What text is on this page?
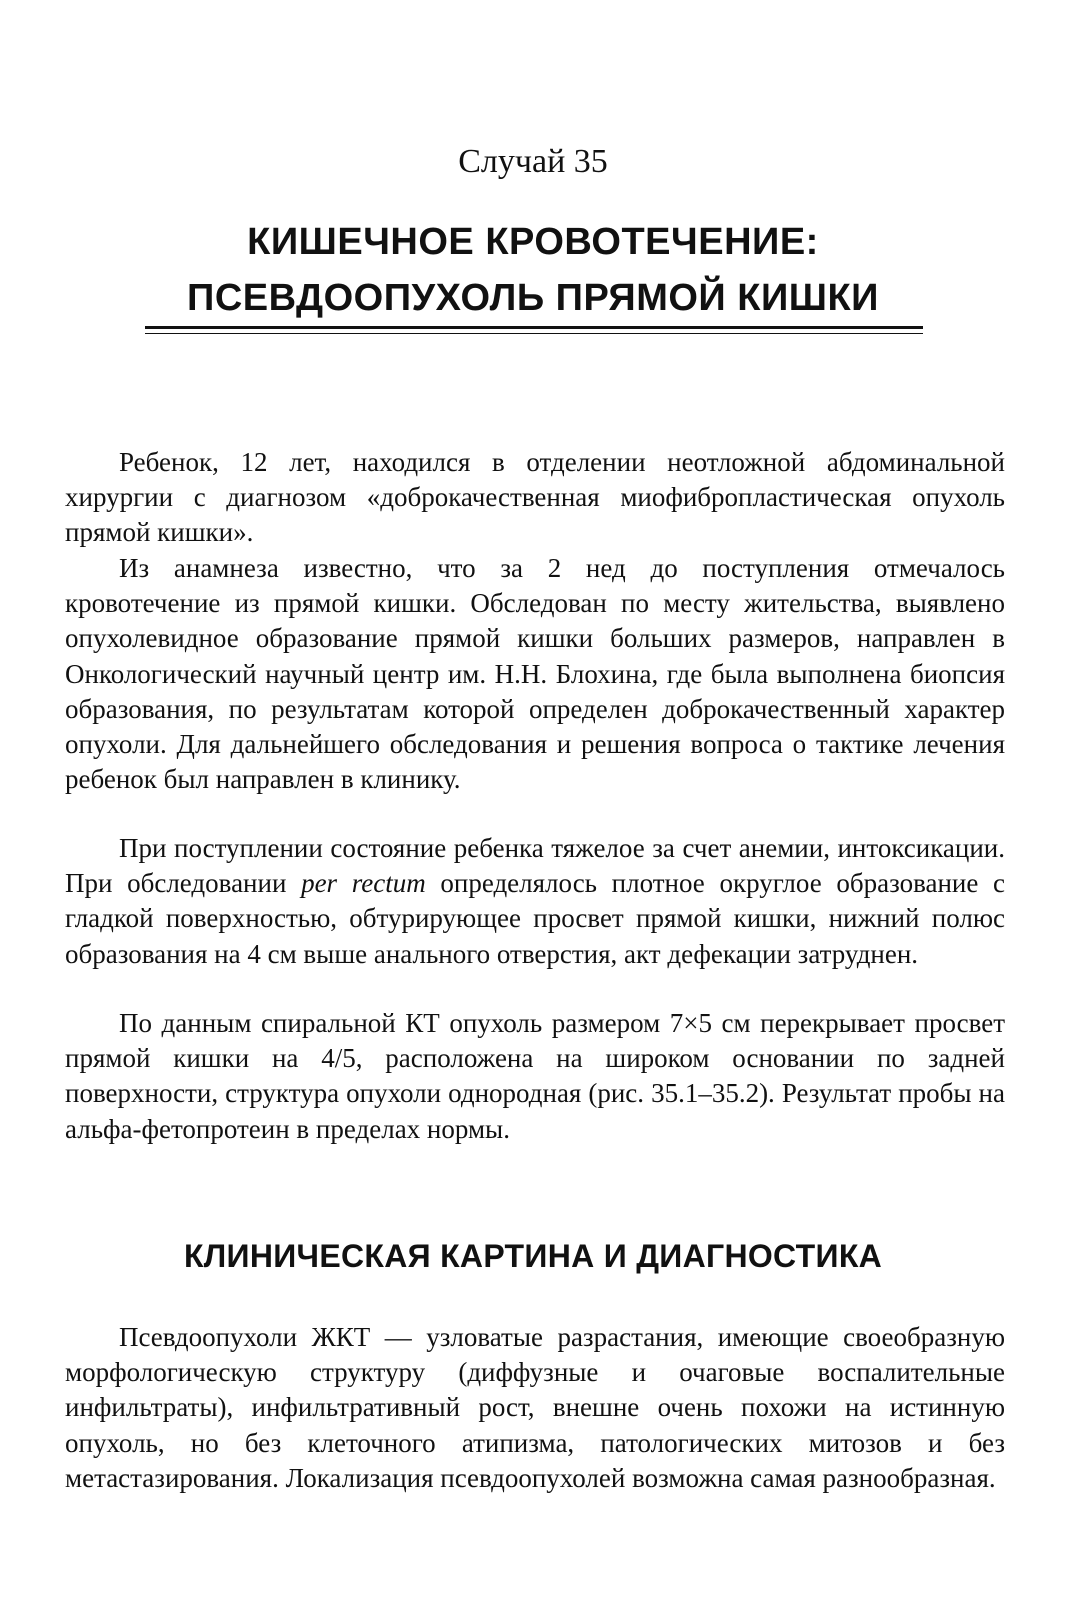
Случай 35
КИШЕЧНОЕ КРОВОТЕЧЕНИЕ:
ПСЕВДООПУХОЛЬ ПРЯМОЙ КИШКИ

Ребенок, 12 лет, находился в отделении неотложной абдоминальной хирургии с диагнозом «доброкачественная миофибропластическая опухоль прямой кишки».

Из анамнеза известно, что за 2 нед до поступления отмечалось кровотечение из прямой кишки. Обследован по месту жительства, выявлено опухолевидное образование прямой кишки больших размеров, направлен в Онкологический научный центр им. Н.Н. Блохина, где была выполнена биопсия образования, по результатам которой определен доброкачественный характер опухоли. Для дальнейшего обследования и решения вопроса о тактике лечения ребенок был направлен в клинику.

При поступлении состояние ребенка тяжелое за счет анемии, интоксикации. При обследовании per rectum определялось плотное округлое образование с гладкой поверхностью, обтурирующее просвет прямой кишки, нижний полюс образования на 4 см выше анального отверстия, акт дефекации затруднен.

По данным спиральной КТ опухоль размером 7×5 см перекрывает просвет прямой кишки на 4/5, расположена на широком основании по задней поверхности, структура опухоли однородная (рис. 35.1–35.2). Результат пробы на альфа-фетопротеин в пределах нормы.

КЛИНИЧЕСКАЯ КАРТИНА И ДИАГНОСТИКА

Псевдоопухоли ЖКТ — узловатые разрастания, имеющие своеобразную морфологическую структуру (диффузные и очаговые воспалительные инфильтраты), инфильтративный рост, внешне очень похожи на истинную опухоль, но без клеточного атипизма, патологических митозов и без метастазирования. Локализация псевдоопухолей возможна самая разнообразная.
